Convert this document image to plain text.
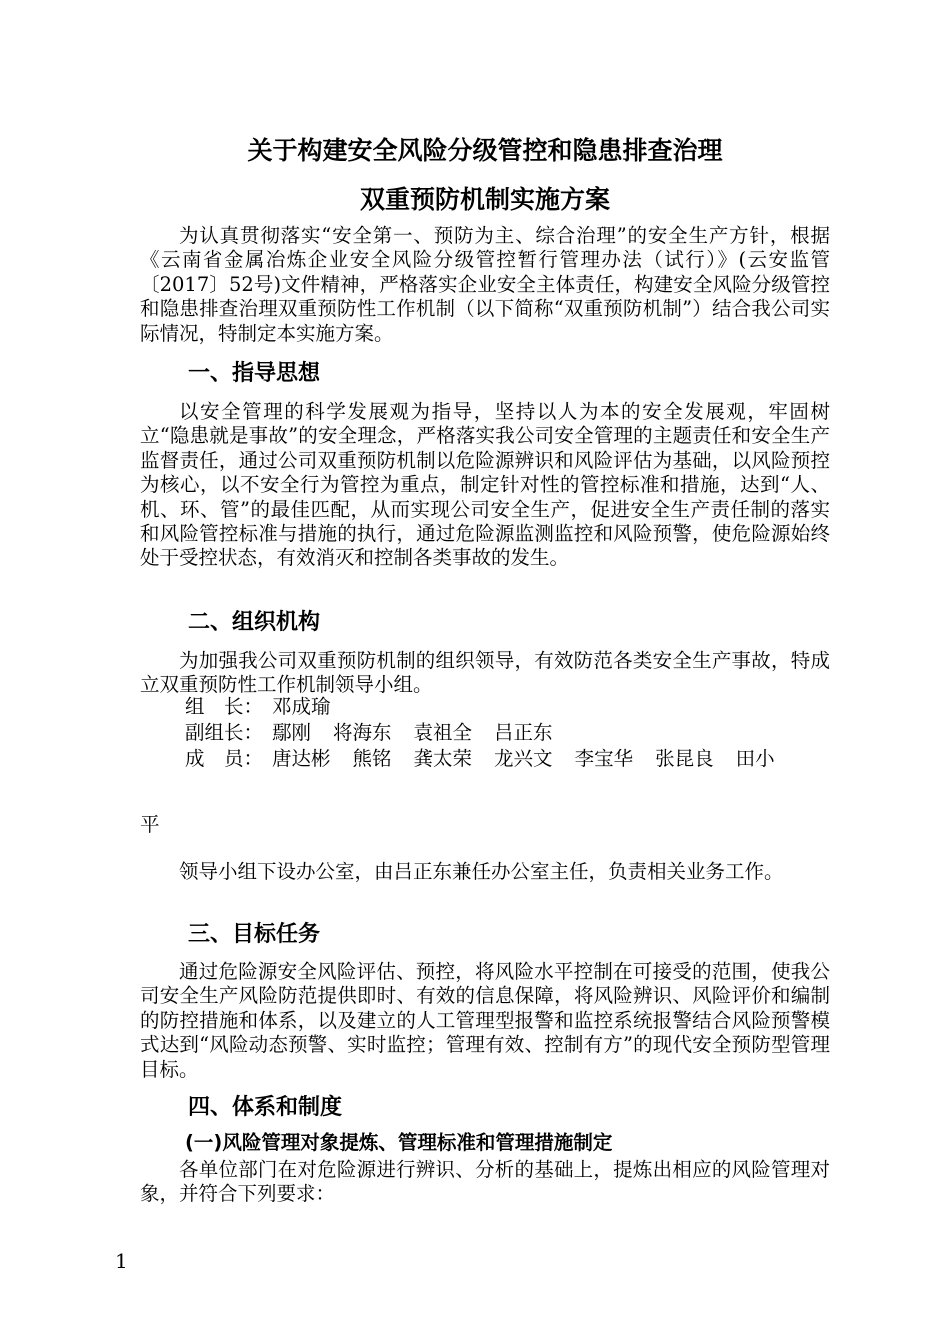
关于构建安全风险分级管控和隐患排查治理
双重预防机制实施方案

为认真贯彻落实“安全第一、预防为主、综合治理”的安全生产方针，根据《云南省金属冶炼企业安全风险分级管控暂行管理办法（试行）》(云安监管〔2017〕52号)文件精神，严格落实企业安全主体责任，构建安全风险分级管控和隐患排查治理双重预防性工作机制（以下简称“双重预防机制”）结合我公司实际情况，特制定本实施方案。

一、指导思想

以安全管理的科学发展观为指导，坚持以人为本的安全发展观，牢固树立“隐患就是事故”的安全理念，严格落实我公司安全管理的主题责任和安全生产监督责任，通过公司双重预防机制以危险源辨识和风险评估为基础，以风险预控为核心，以不安全行为管控为重点，制定针对性的管控标准和措施，达到“人、机、环、管”的最佳匹配，从而实现公司安全生产，促进安全生产责任制的落实和风险管控标准与措施的执行，通过危险源监测监控和风险预警，使危险源始终处于受控状态，有效消灭和控制各类事故的发生。

二、组织机构

为加强我公司双重预防机制的组织领导，有效防范各类安全生产事故，特成立双重预防性工作机制领导小组。

组　长： 邓成瑜
副组长： 鄢刚 将海东 袁祖全 吕正东
成　员： 唐达彬 熊铭 龚太荣 龙兴文 李宝华 张昆良 田小
平

领导小组下设办公室，由吕正东兼任办公室主任，负责相关业务工作。

三、目标任务

通过危险源安全风险评估、预控，将风险水平控制在可接受的范围，使我公司安全生产风险防范提供即时、有效的信息保障，将风险辨识、风险评价和编制的防控措施和体系，以及建立的人工管理型报警和监控系统报警结合风险预警模式达到“风险动态预警、实时监控；管理有效、控制有方”的现代安全预防型管理目标。

四、体系和制度
(一)风险管理对象提炼、管理标准和管理措施制定

各单位部门在对危险源进行辨识、分析的基础上，提炼出相应的风险管理对象，并符合下列要求：

1
